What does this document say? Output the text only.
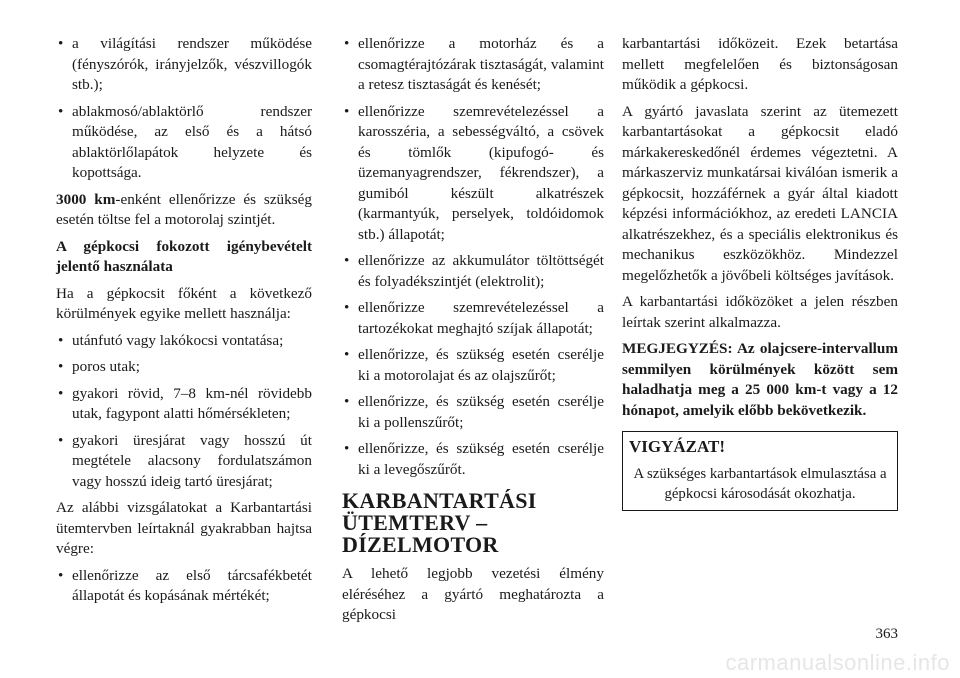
• a világítási rendszer működése (fényszórók, irányjelzők, vészvillogók stb.);
• ablakmosó/ablaktörlő rendszer működése, az első és a hátsó ablaktörlőlapátok helyzete és kopottsága.

3000 km-enként ellenőrizze és szükség esetén töltse fel a motorolaj szintjét.

A gépkocsi fokozott igénybevételt jelentő használata

Ha a gépkocsit főként a következő körülmények egyike mellett használja:

• utánfutó vagy lakókocsi vontatása;
• poros utak;
• gyakori rövid, 7–8 km-nél rövidebb utak, fagypont alatti hőmérsékleten;
• gyakori üresjárat vagy hosszú út megtétele alacsony fordulatszámon vagy hosszú ideig tartó üresjárat;

Az alábbi vizsgálatokat a Karbantartási ütemtervben leírtaknál gyakrabban hajtsa végre:

• ellenőrizze az első tárcsafékbetét állapotát és kopásának mértékét;
• ellenőrizze a motorház és a csomagtérajtózárak tisztaságát, valamint a retesz tisztaságát és kenését;
• ellenőrizze szemrevételezéssel a karosszéria, a sebességváltó, a csövek és tömlők (kipufogó- és üzemanyagrendszer, fékrendszer), a gumiból készült alkatrészek (karmantyúk, perselyek, toldóidomok stb.) állapotát;
• ellenőrizze az akkumulátor töltöttségét és folyadékszintjét (elektrolit);
• ellenőrizze szemrevételezéssel a tartozékokat meghajtó szíjak állapotát;
• ellenőrizze, és szükség esetén cserélje ki a motorolajat és az olajszűrőt;
• ellenőrizze, és szükség esetén cserélje ki a pollenszűrőt;
• ellenőrizze, és szükség esetén cserélje ki a levegőszűrőt.
KARBANTARTÁSI ÜTEMTERV – DÍZELMOTOR

A lehető legjobb vezetési élmény eléréséhez a gyártó meghatározta a gépkocsi

karbantartási időközeit. Ezek betartása mellett megfelelően és biztonságosan működik a gépkocsi.

A gyártó javaslata szerint az ütemezett karbantartásokat a gépkocsit eladó márkakereskedőnél érdemes végeztetni. A márkaszerviz munkatársai kiválóan ismerik a gépkocsit, hozzáférnek a gyár által kiadott képzési információkhoz, az eredeti LANCIA alkatrészekhez, és a speciális elektronikus és mechanikus eszközökhöz. Mindezzel megelőzhetők a jövőbeli költséges javítások.

A karbantartási időközöket a jelen részben leírtak szerint alkalmazza.

MEGJEGYZÉS: Az olajcsere-intervallum semmilyen körülmények között sem haladhatja meg a 25 000 km-t vagy a 12 hónapot, amelyik előbb bekövetkezik.

VIGYÁZAT!
A szükséges karbantartások elmulasztása a gépkocsi károsodását okozhatja.
363
carmanualsonline.info
